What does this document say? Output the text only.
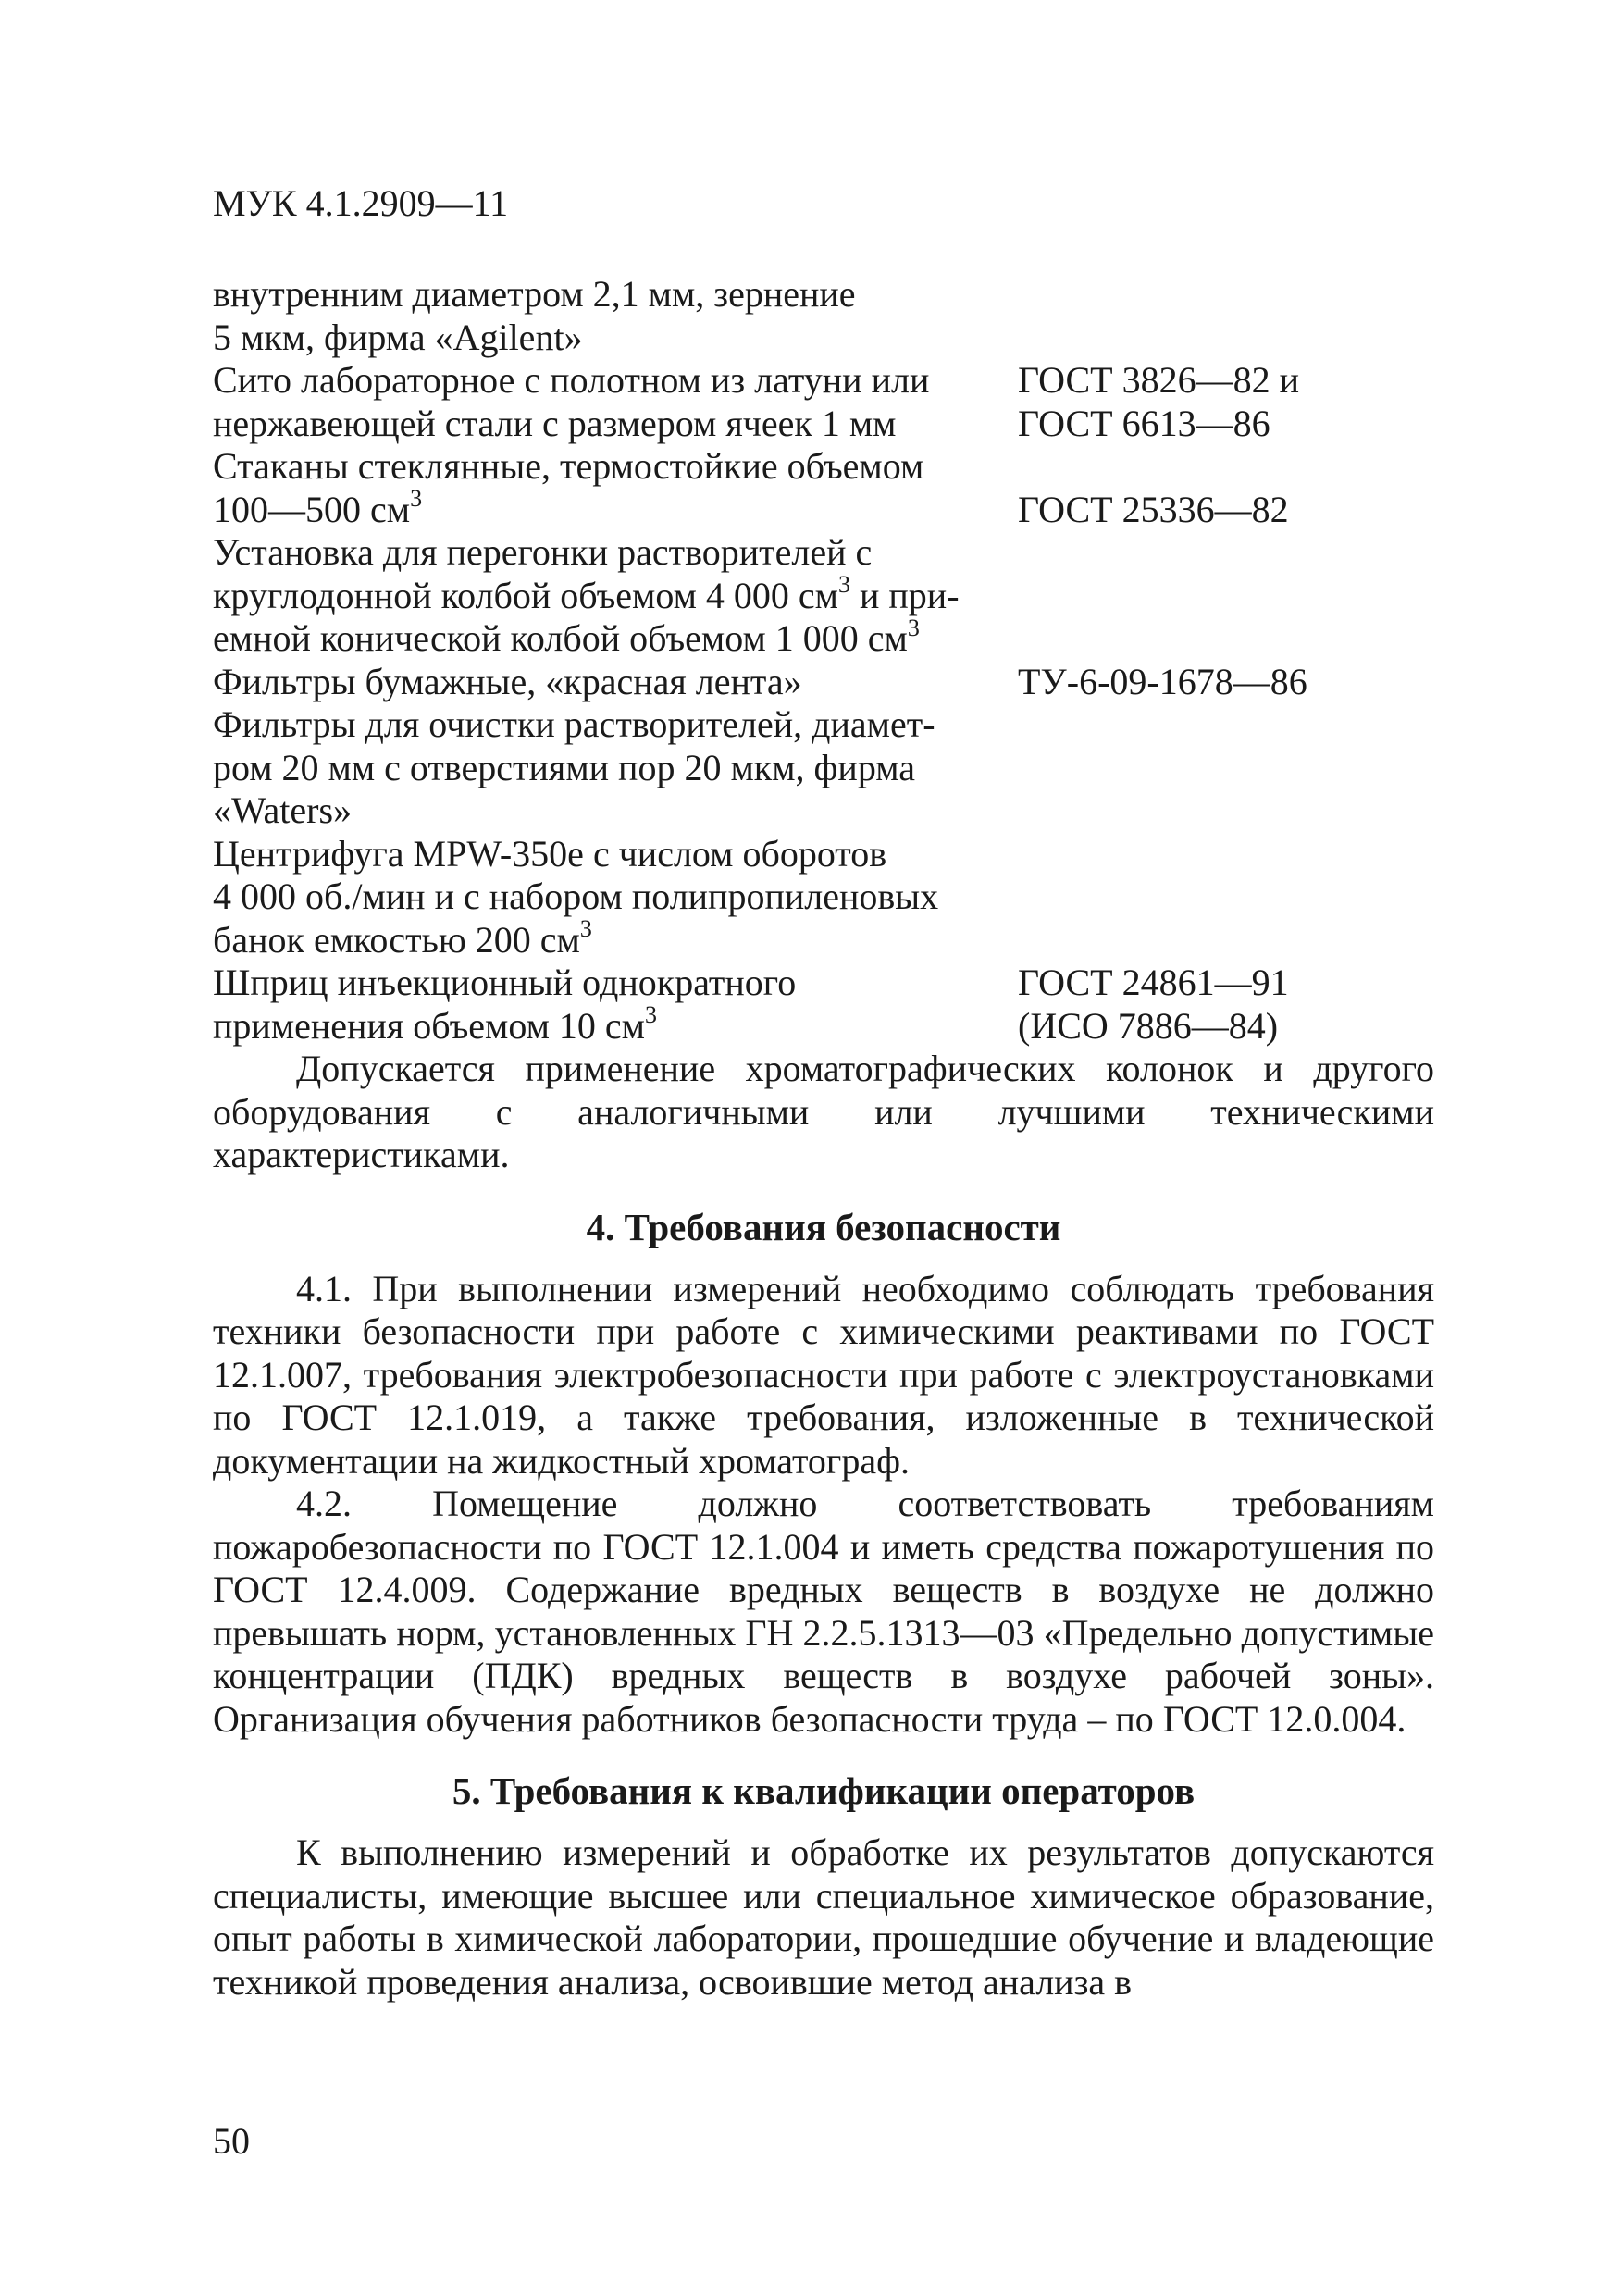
МУК 4.1.2909—11
внутренним диаметром 2,1 мм, зернение
5 мкм, фирма «Agilent»
Сито лабораторное с полотном из латуни или	ГОСТ 3826—82 и
нержавеющей стали с размером ячеек 1 мм	ГОСТ 6613—86
Стаканы стеклянные, термостойкие объемом
100—500 $см^3$	ГОСТ 25336—82
Установка для перегонки растворителей с
круглодонной колбой объемом 4 000 $см^3$ и при-
емной конической колбой объемом 1 000 $см^3$
Фильтры бумажные, «красная лента»	ТУ-6-09-1678—86
Фильтры для очистки растворителей, диамет-
ром 20 мм с отверстиями пор 20 мкм, фирма
«Waters»
Центрифуга MPW-350e с числом оборотов
4 000 об./мин и с набором полипропиленовых
банок емкостью 200 $см^3$
Шприц инъекционный однократного	ГОСТ 24861—91
применения объемом 10 $см^3$	(ИСО 7886—84)

Допускается применение хроматографических колонок и другого оборудования с аналогичными или лучшими техническими характеристиками.

4. Требования безопасности

4.1. При выполнении измерений необходимо соблюдать требования техники безопасности при работе с химическими реактивами по ГОСТ 12.1.007, требования электробезопасности при работе с электроустановками по ГОСТ 12.1.019, а также требования, изложенные в технической документации на жидкостный хроматограф.

4.2. Помещение должно соответствовать требованиям пожаробезопасности по ГОСТ 12.1.004 и иметь средства пожаротушения по ГОСТ 12.4.009. Содержание вредных веществ в воздухе не должно превышать норм, установленных ГН 2.2.5.1313—03 «Предельно допустимые концентрации (ПДК) вредных веществ в воздухе рабочей зоны». Организация обучения работников безопасности труда – по ГОСТ 12.0.004.

5. Требования к квалификации операторов

К выполнению измерений и обработке их результатов допускаются специалисты, имеющие высшее или специальное химическое образование, опыт работы в химической лаборатории, прошедшие обучение и владеющие техникой проведения анализа, освоившие метод анализа в

50
